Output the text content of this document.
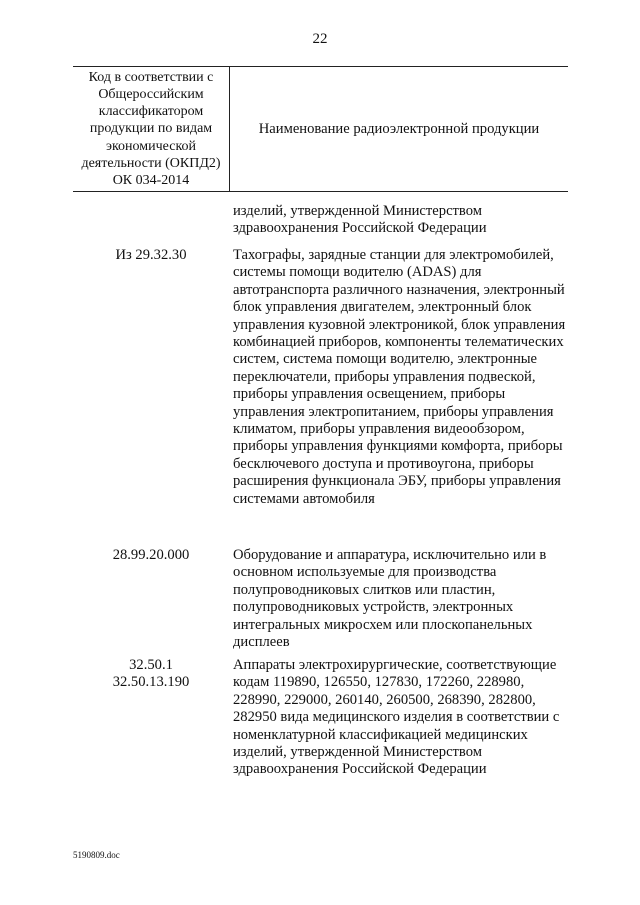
22
Код в соответствии с Общероссийским классификатором продукции по видам экономической деятельности (ОКПД2) ОК 034-2014
Наименование радиоэлектронной продукции
изделий, утвержденной Министерством здравоохранения Российской Федерации
Из 29.32.30	Тахографы, зарядные станции для электромобилей, системы помощи водителю (ADAS) для автотранспорта различного назначения, электронный блок управления двигателем, электронный блок управления кузовной электроникой, блок управления комбинацией приборов, компоненты телематических систем, система помощи водителю, электронные переключатели, приборы управления подвеской, приборы управления освещением, приборы управления электропитанием, приборы управления климатом, приборы управления видеообзором, приборы управления функциями комфорта, приборы бесключевого доступа и противоугона, приборы расширения функционала ЭБУ, приборы управления системами автомобиля
28.99.20.000	Оборудование и аппаратура, исключительно или в основном используемые для производства полупроводниковых слитков или пластин, полупроводниковых устройств, электронных интегральных микросхем или плоскопанельных дисплеев
32.50.1
32.50.13.190
Аппараты электрохирургические, соответствующие кодам 119890, 126550, 127830, 172260, 228980, 228990, 229000, 260140, 260500, 268390, 282800, 282950 вида медицинского изделия в соответствии с номенклатурной классификацией медицинских изделий, утвержденной Министерством здравоохранения Российской Федерации
5190809.doc
